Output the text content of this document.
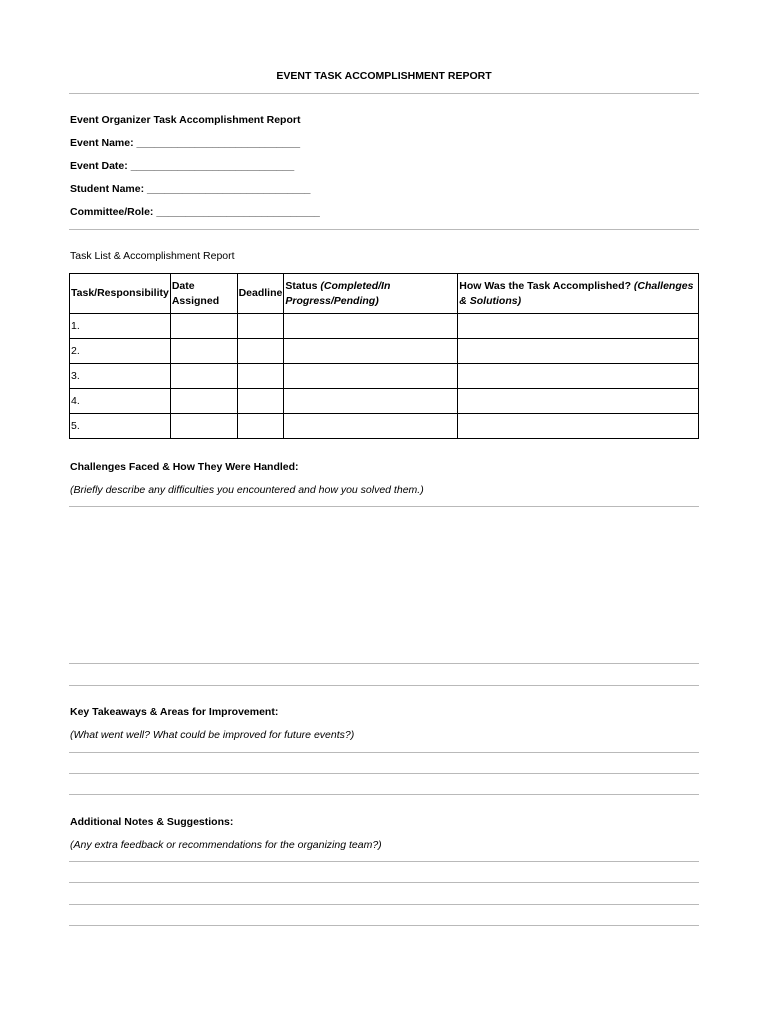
EVENT TASK ACCOMPLISHMENT REPORT
Event Organizer Task Accomplishment Report
Event Name: ____________________________
Event Date: ____________________________
Student Name: ____________________________
Committee/Role: ____________________________
Task List & Accomplishment Report
Task/Responsibility	Date Assigned	Deadline	Status (Completed/In Progress/Pending)	How Was the Task Accomplished? (Challenges & Solutions)

1.				
2.				
3.				
4.				
5.				
Challenges Faced & How They Were Handled:
(Briefly describe any difficulties you encountered and how you solved them.)
Key Takeaways & Areas for Improvement:
(What went well? What could be improved for future events?)
Additional Notes & Suggestions:
(Any extra feedback or recommendations for the organizing team?)
